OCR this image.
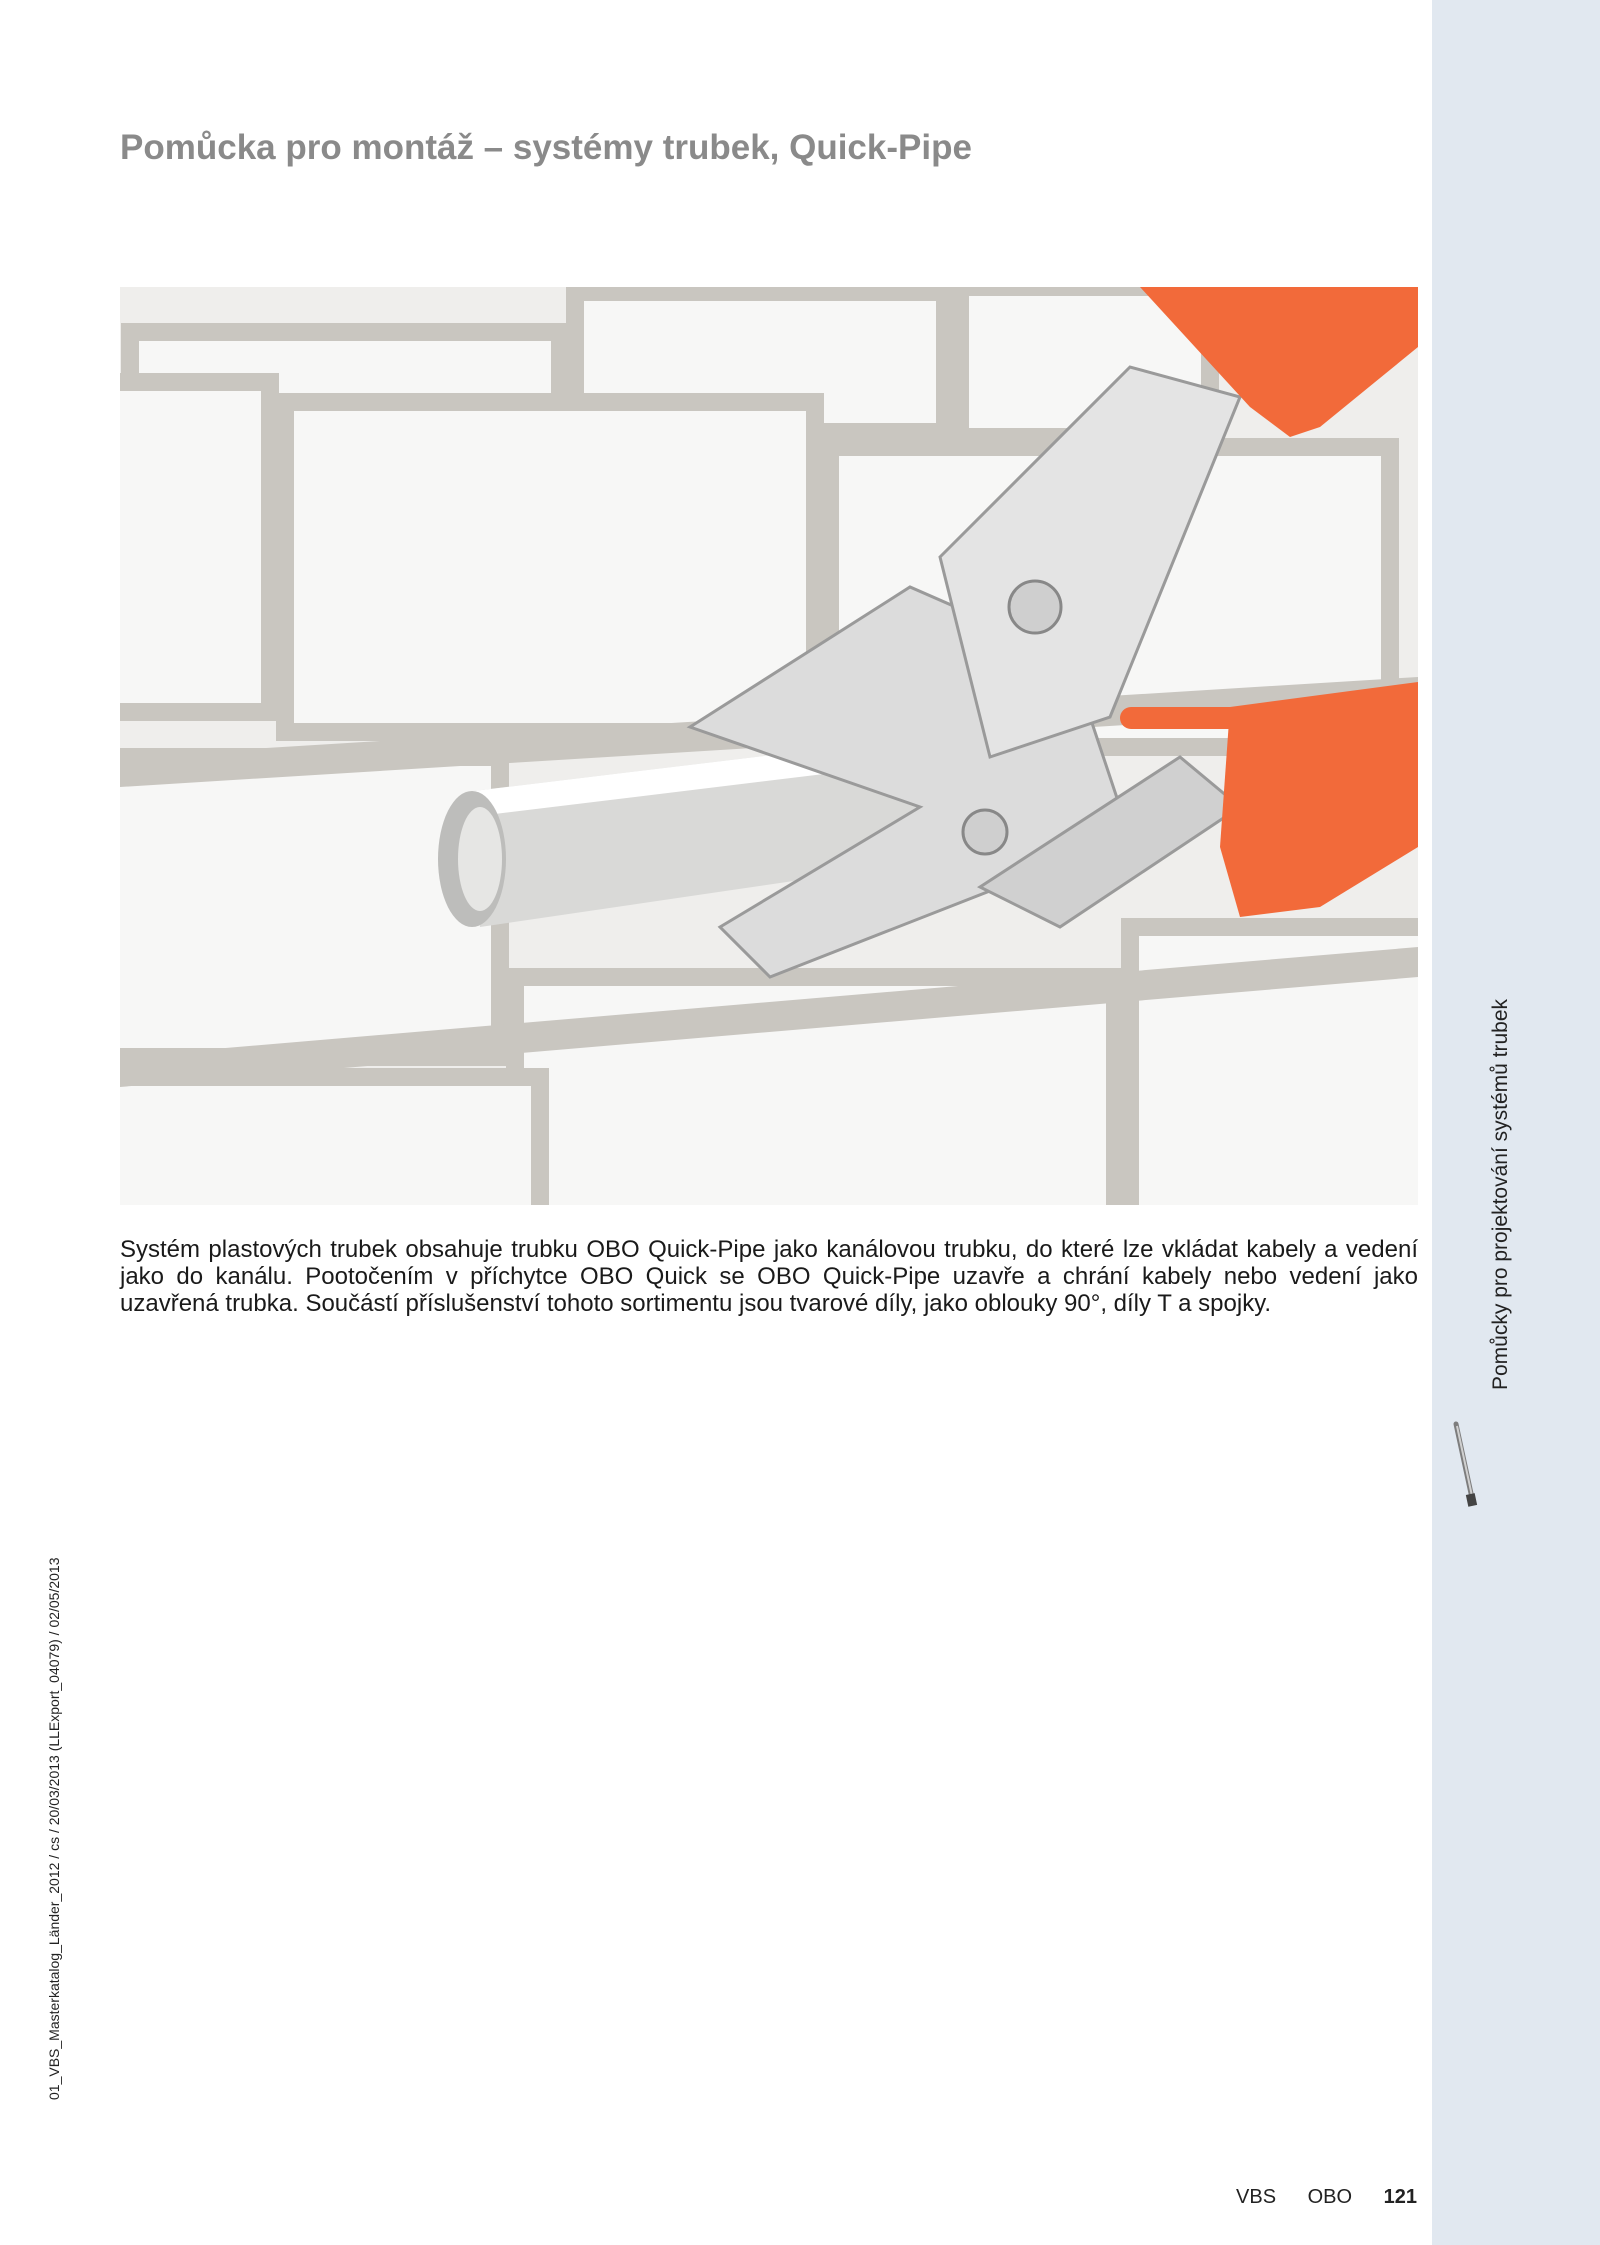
Pomůcky pro projektování systémů trubek
Pomůcka pro montáž – systémy trubek, Quick-Pipe

Systém plastových trubek obsahuje trubku OBO Quick-Pipe jako kanálovou trubku, do které lze vkládat kabely a vedení jako do kanálu. Pootočením v příchytce OBO Quick se OBO Quick-Pipe uzavře a chrání kabely nebo vedení jako uzavřená trubka. Součástí příslušenství tohoto sortimentu jsou tvarové díly, jako oblouky 90°, díly T a spojky.

01_VBS_Masterkatalog_Länder_2012 / cs / 20/03/2013 (LLExport_04079) / 02/05/2013
VBS OBO 121
